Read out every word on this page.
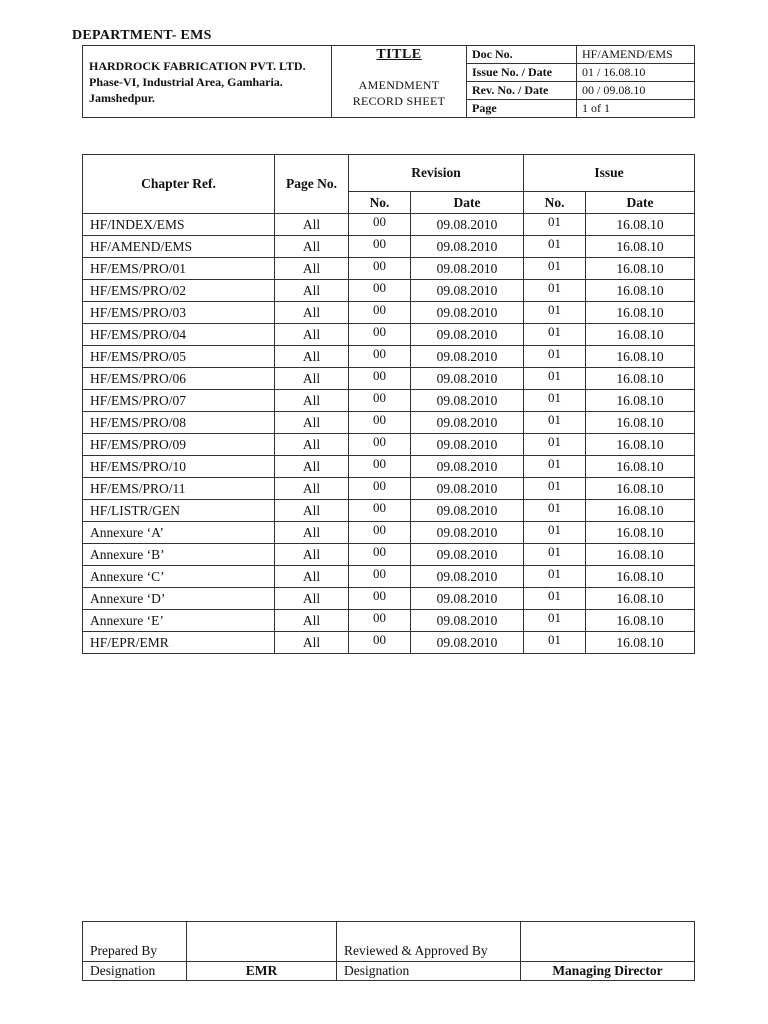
DEPARTMENT- EMS
HARDROCK FABRICATION PVT. LTD.
Phase-VI, Industrial Area, Gamharia.
Jamshedpur.	TITLE
AMENDMENT
RECORD SHEET	Doc No.	HF/AMEND/EMS
		Issue No. / Date	01 / 16.08.10
		Rev. No. / Date	00 / 09.08.10
		Page	1 of 1
Chapter Ref.	Page No.	Revision		Issue	
		No.	Date	No.	Date
HF/INDEX/EMS	All	00	09.08.2010	01	16.08.10
HF/AMEND/EMS	All	00	09.08.2010	01	16.08.10
HF/EMS/PRO/01	All	00	09.08.2010	01	16.08.10
HF/EMS/PRO/02	All	00	09.08.2010	01	16.08.10
HF/EMS/PRO/03	All	00	09.08.2010	01	16.08.10
HF/EMS/PRO/04	All	00	09.08.2010	01	16.08.10
HF/EMS/PRO/05	All	00	09.08.2010	01	16.08.10
HF/EMS/PRO/06	All	00	09.08.2010	01	16.08.10
HF/EMS/PRO/07	All	00	09.08.2010	01	16.08.10
HF/EMS/PRO/08	All	00	09.08.2010	01	16.08.10
HF/EMS/PRO/09	All	00	09.08.2010	01	16.08.10
HF/EMS/PRO/10	All	00	09.08.2010	01	16.08.10
HF/EMS/PRO/11	All	00	09.08.2010	01	16.08.10
HF/LISTR/GEN	All	00	09.08.2010	01	16.08.10
Annexure ‘A’	All	00	09.08.2010	01	16.08.10
Annexure ‘B’	All	00	09.08.2010	01	16.08.10
Annexure ‘C’	All	00	09.08.2010	01	16.08.10
Annexure ‘D’	All	00	09.08.2010	01	16.08.10
Annexure ‘E’	All	00	09.08.2010	01	16.08.10
HF/EPR/EMR	All	00	09.08.2010	01	16.08.10
Prepared By		Reviewed & Approved By	
Designation	EMR	Designation	Managing Director
